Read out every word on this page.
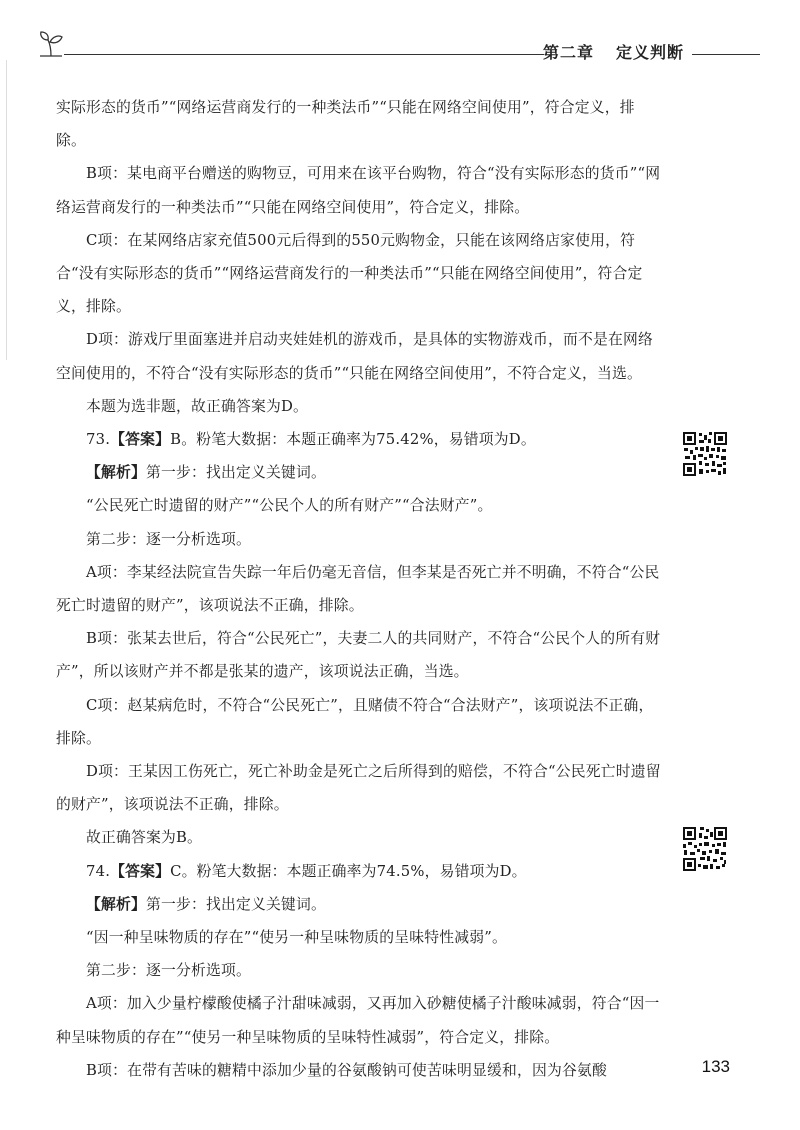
第二章 定义判断

实际形态的货币”“网络运营商发行的一种类法币”“只能在网络空间使用”，符合定义，排除。

B项：某电商平台赠送的购物豆，可用来在该平台购物，符合“没有实际形态的货币”“网络运营商发行的一种类法币”“只能在网络空间使用”，符合定义，排除。

C项：在某网络店家充值500元后得到的550元购物金，只能在该网络店家使用，符合“没有实际形态的货币”“网络运营商发行的一种类法币”“只能在网络空间使用”，符合定义，排除。

D项：游戏厅里面塞进并启动夹娃娃机的游戏币，是具体的实物游戏币，而不是在网络空间使用的，不符合“没有实际形态的货币”“只能在网络空间使用”，不符合定义，当选。

本题为选非题，故正确答案为D。

73.【答案】B。粉笔大数据：本题正确率为75.42%，易错项为D。

【解析】第一步：找出定义关键词。

“公民死亡时遗留的财产”“公民个人的所有财产”“合法财产”。

第二步：逐一分析选项。

A项：李某经法院宣告失踪一年后仍毫无音信，但李某是否死亡并不明确，不符合“公民死亡时遗留的财产”，该项说法不正确，排除。

B项：张某去世后，符合“公民死亡”，夫妻二人的共同财产，不符合“公民个人的所有财产”，所以该财产并不都是张某的遗产，该项说法正确，当选。

C项：赵某病危时，不符合“公民死亡”，且赌债不符合“合法财产”，该项说法不正确，排除。

D项：王某因工伤死亡，死亡补助金是死亡之后所得到的赔偿，不符合“公民死亡时遗留的财产”，该项说法不正确，排除。

故正确答案为B。

74.【答案】C。粉笔大数据：本题正确率为74.5%，易错项为D。

【解析】第一步：找出定义关键词。

“因一种呈味物质的存在”“使另一种呈味物质的呈味特性减弱”。

第二步：逐一分析选项。

A项：加入少量柠檬酸使橘子汁甜味减弱，又再加入砂糖使橘子汁酸味减弱，符合“因一种呈味物质的存在”“使另一种呈味物质的呈味特性减弱”，符合定义，排除。

B项：在带有苦味的糖精中添加少量的谷氨酸钠可使苦味明显缓和，因为谷氨酸	133
